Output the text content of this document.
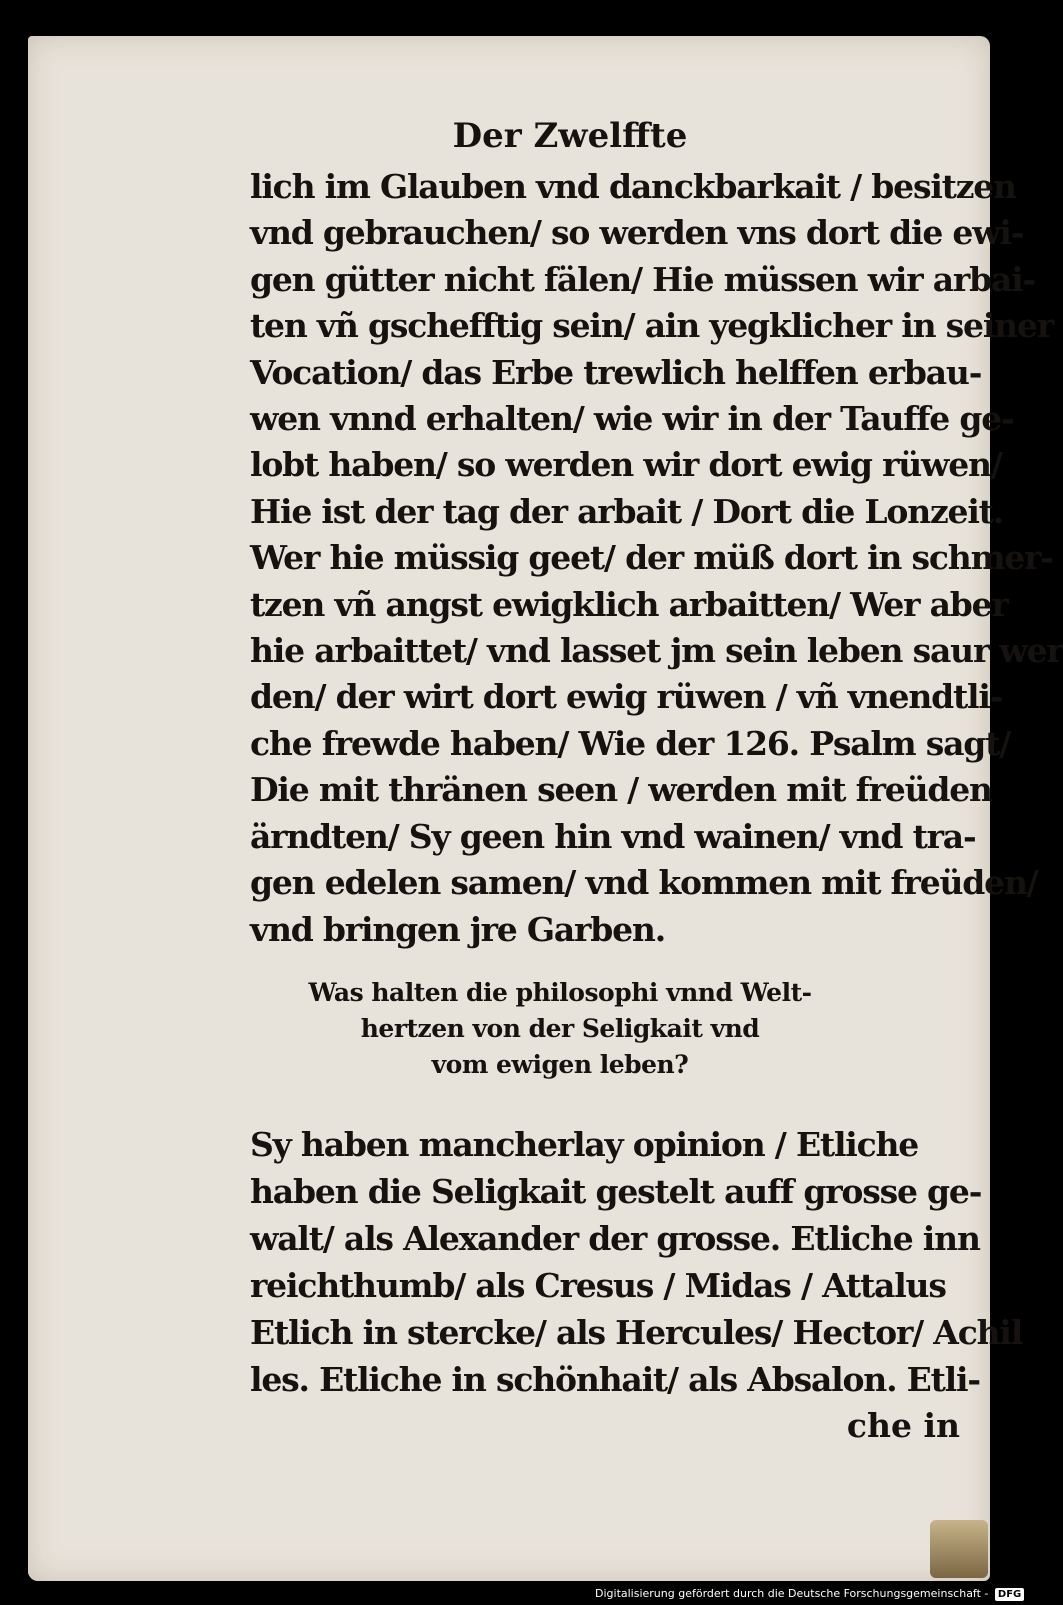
Der Zwelffte
lich im Glauben vnd danckbarkait / besitzen
vnd gebrauchen/ so werden vns dort die ewi-
gen gütter nicht fälen/ Hie müssen wir arbai-
ten vñ gschefftig sein/ ain yegklicher in seiner
Vocation/ das Erbe trewlich helffen erbau-
wen vnnd erhalten/ wie wir in der Tauffe ge-
lobt haben/ so werden wir dort ewig rüwen/
Hie ist der tag der arbait / Dort die Lonzeit.
Wer hie müssig geet/ der müß dort in schmer-
tzen vñ angst ewigklich arbaitten/ Wer aber
hie arbaittet/ vnd lasset jm sein leben saur wer
den/ der wirt dort ewig rüwen / vñ vnendtli-
che frewde haben/ Wie der 126. Psalm sagt/
Die mit thränen seen / werden mit freüden
ärndten/ Sy geen hin vnd wainen/ vnd tra-
gen edelen samen/ vnd kommen mit freüden/
vnd bringen jre Garben.
Was halten die philosophi vnnd Welt-
hertzen von der Seligkait vnd
vom ewigen leben?
Sy haben mancherlay opinion / Etliche
haben die Seligkait gestelt auff grosse ge-
walt/ als Alexander der grosse. Etliche inn
reichthumb/ als Cresus / Midas / Attalus
Etlich in stercke/ als Hercules/ Hector/ Achil
les. Etliche in schönhait/ als Absalon. Etli-
che in
Digitalisierung gefördert durch die Deutsche Forschungsgemeinschaft - DFG
